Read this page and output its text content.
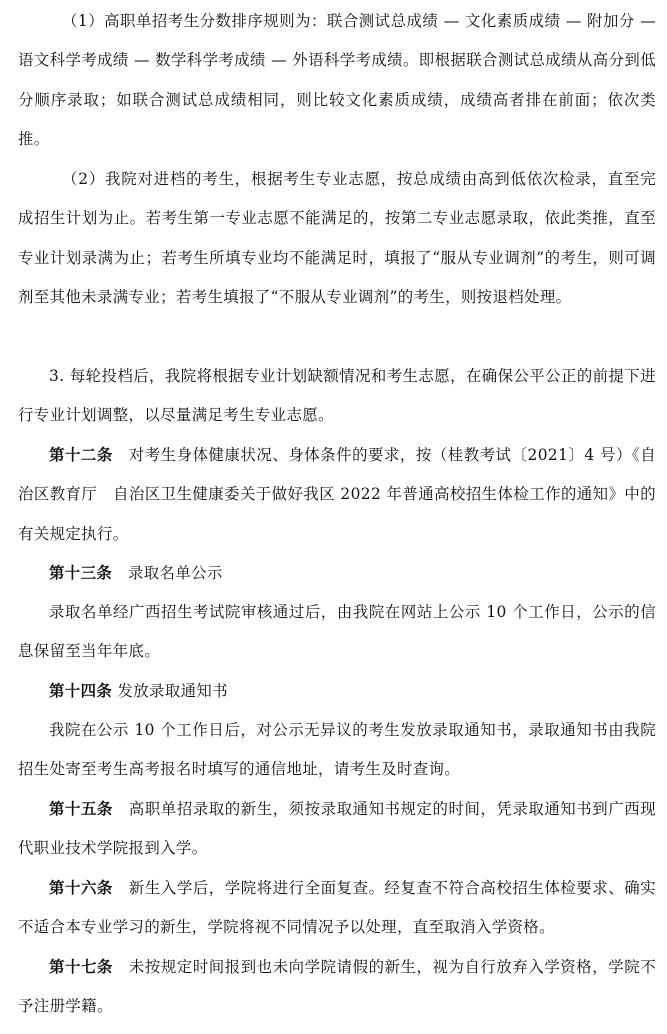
（1）高职单招考生分数排序规则为：联合测试总成绩 — 文化素质成绩 — 附加分 — 语文科学考成绩 — 数学科学考成绩 — 外语科学考成绩。即根据联合测试总成绩从高分到低分顺序录取；如联合测试总成绩相同，则比较文化素质成绩，成绩高者排在前面；依次类推。

（2）我院对进档的考生，根据考生专业志愿，按总成绩由高到低依次检录，直至完成招生计划为止。若考生第一专业志愿不能满足的，按第二专业志愿录取，依此类推，直至专业计划录满为止；若考生所填专业均不能满足时，填报了“服从专业调剂”的考生，则可调剂至其他未录满专业；若考生填报了“不服从专业调剂”的考生，则按退档处理。

3. 每轮投档后，我院将根据专业计划缺额情况和考生志愿，在确保公平公正的前提下进行专业计划调整，以尽量满足考生专业志愿。

第十二条　对考生身体健康状况、身体条件的要求，按（桂教考试〔2021〕4 号）《自治区教育厅　自治区卫生健康委关于做好我区 2022 年普通高校招生体检工作的通知》中的有关规定执行。

第十三条　录取名单公示

录取名单经广西招生考试院审核通过后，由我院在网站上公示 10 个工作日，公示的信息保留至当年年底。

第十四条 发放录取通知书

我院在公示 10 个工作日后，对公示无异议的考生发放录取通知书，录取通知书由我院招生处寄至考生高考报名时填写的通信地址，请考生及时查询。

第十五条　高职单招录取的新生，须按录取通知书规定的时间，凭录取通知书到广西现代职业技术学院报到入学。

第十六条　新生入学后，学院将进行全面复查。经复查不符合高校招生体检要求、确实不适合本专业学习的新生，学院将视不同情况予以处理，直至取消入学资格。

第十七条　未按规定时间报到也未向学院请假的新生，视为自行放弃入学资格，学院不予注册学籍。
